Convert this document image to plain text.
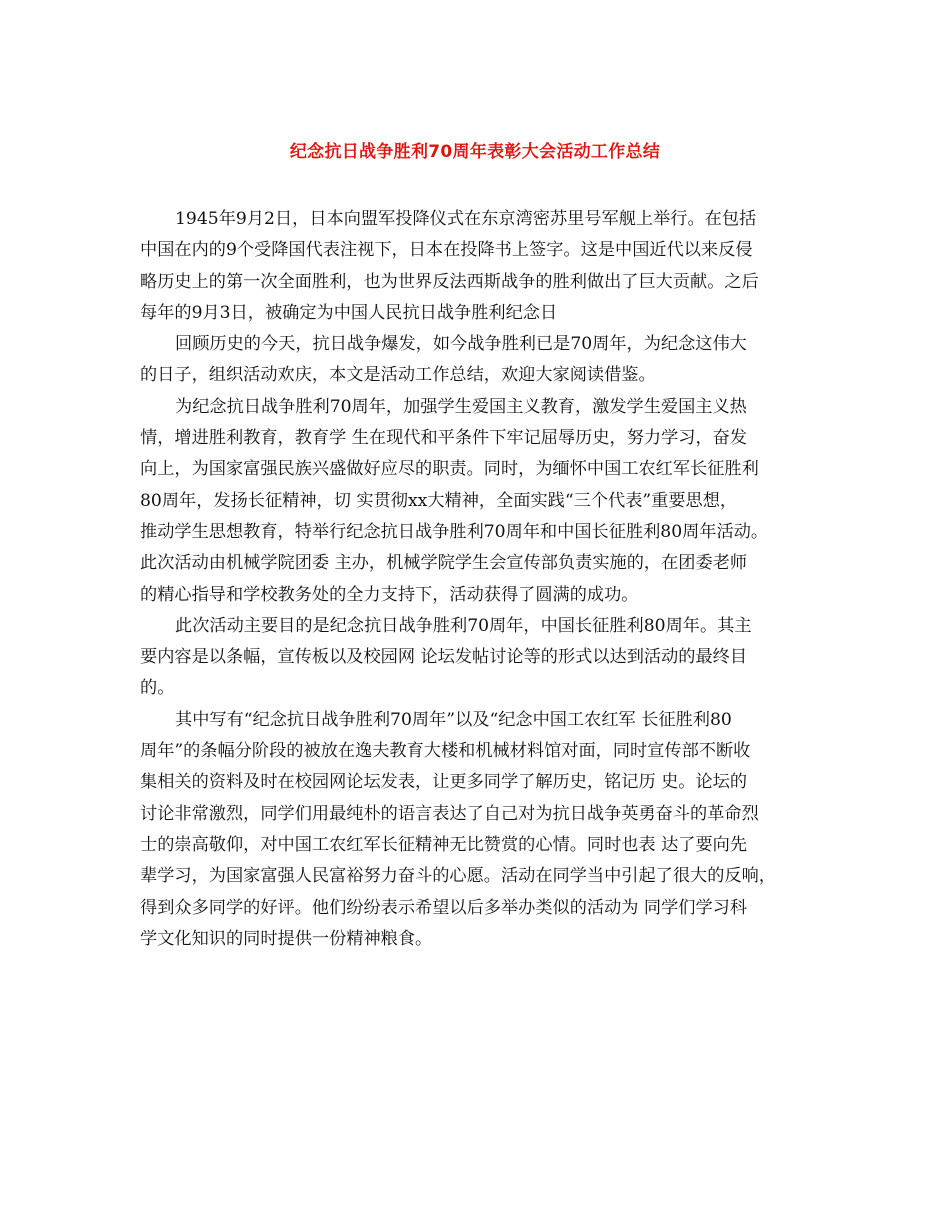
纪念抗日战争胜利70周年表彰大会活动工作总结
1945年9月2日，日本向盟军投降仪式在东京湾密苏里号军舰上举行。在包括
中国在内的9个受降国代表注视下，日本在投降书上签字。这是中国近代以来反侵
略历史上的第一次全面胜利，也为世界反法西斯战争的胜利做出了巨大贡献。之后
每年的9月3日，被确定为中国人民抗日战争胜利纪念日
回顾历史的今天，抗日战争爆发，如今战争胜利已是70周年，为纪念这伟大
的日子，组织活动欢庆，本文是活动工作总结，欢迎大家阅读借鉴。
为纪念抗日战争胜利70周年，加强学生爱国主义教育，激发学生爱国主义热
情，增进胜利教育，教育学 生在现代和平条件下牢记屈辱历史，努力学习，奋发
向上，为国家富强民族兴盛做好应尽的职责。同时，为缅怀中国工农红军长征胜利
80周年，发扬长征精神，切 实贯彻xx大精神，全面实践“三个代表”重要思想，
推动学生思想教育，特举行纪念抗日战争胜利70周年和中国长征胜利80周年活动。
此次活动由机械学院团委 主办，机械学院学生会宣传部负责实施的，在团委老师
的精心指导和学校教务处的全力支持下，活动获得了圆满的成功。
此次活动主要目的是纪念抗日战争胜利70周年，中国长征胜利80周年。其主
要内容是以条幅，宣传板以及校园网 论坛发帖讨论等的形式以达到活动的最终目
的。
其中写有“纪念抗日战争胜利70周年”以及“纪念中国工农红军 长征胜利80
周年”的条幅分阶段的被放在逸夫教育大楼和机械材料馆对面，同时宣传部不断收
集相关的资料及时在校园网论坛发表，让更多同学了解历史，铭记历 史。论坛的
讨论非常激烈，同学们用最纯朴的语言表达了自己对为抗日战争英勇奋斗的革命烈
士的崇高敬仰，对中国工农红军长征精神无比赞赏的心情。同时也表 达了要向先
辈学习，为国家富强人民富裕努力奋斗的心愿。活动在同学当中引起了很大的反响，
得到众多同学的好评。他们纷纷表示希望以后多举办类似的活动为 同学们学习科
学文化知识的同时提供一份精神粮食。
